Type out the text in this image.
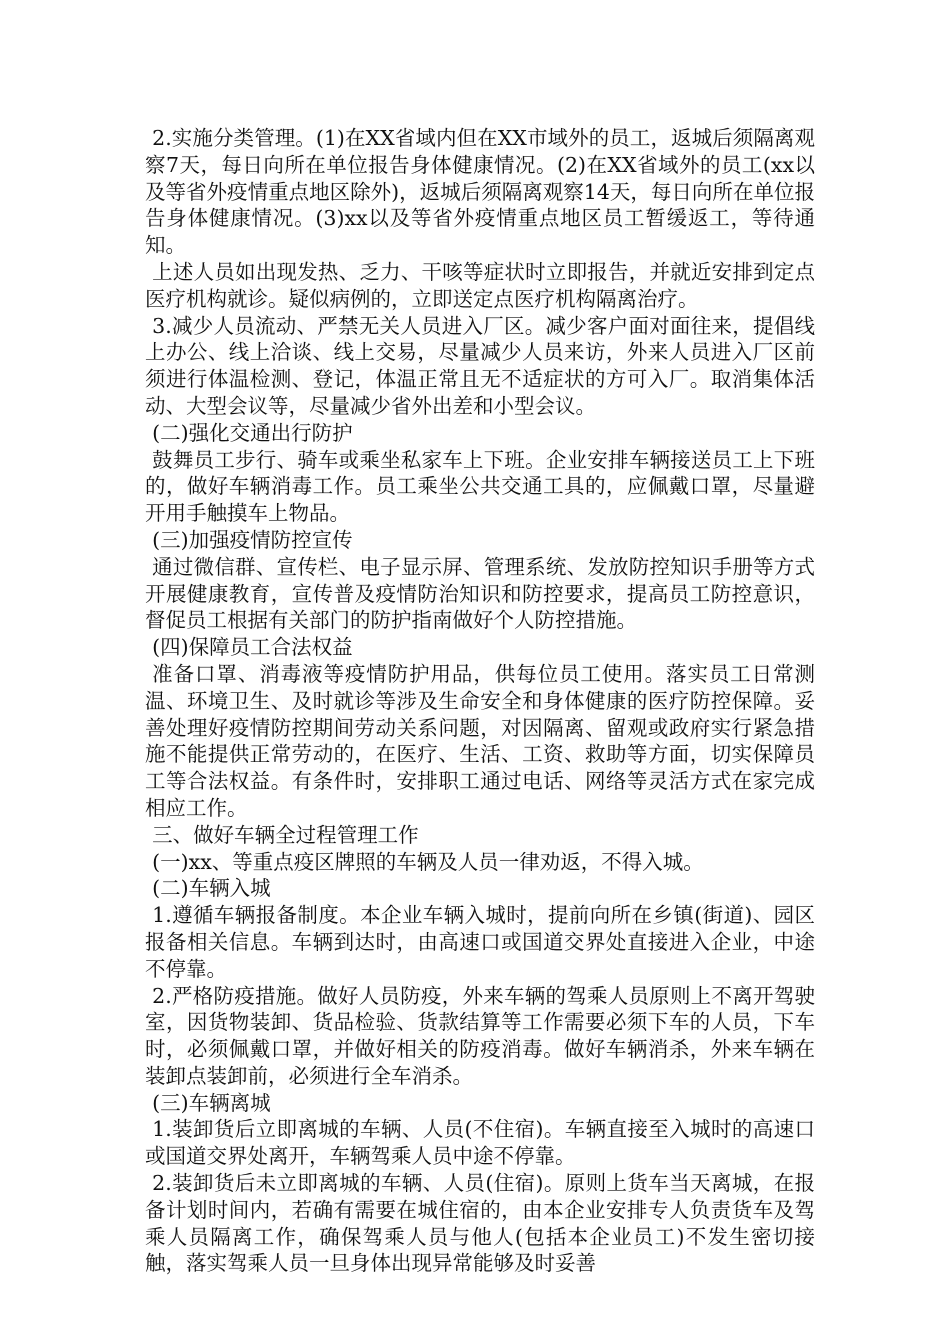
2.实施分类管理。(1)在XX省域内但在XX市域外的员工，返城后须隔离观察7天，每日向所在单位报告身体健康情况。(2)在XX省域外的员工(xx以及等省外疫情重点地区除外)，返城后须隔离观察14天，每日向所在单位报告身体健康情况。(3)xx以及等省外疫情重点地区员工暂缓返工，等待通知。

上述人员如出现发热、乏力、干咳等症状时立即报告，并就近安排到定点医疗机构就诊。疑似病例的，立即送定点医疗机构隔离治疗。

3.减少人员流动、严禁无关人员进入厂区。减少客户面对面往来，提倡线上办公、线上洽谈、线上交易，尽量减少人员来访，外来人员进入厂区前须进行体温检测、登记，体温正常且无不适症状的方可入厂。取消集体活动、大型会议等，尽量减少省外出差和小型会议。

(二)强化交通出行防护

鼓舞员工步行、骑车或乘坐私家车上下班。企业安排车辆接送员工上下班的，做好车辆消毒工作。员工乘坐公共交通工具的，应佩戴口罩，尽量避开用手触摸车上物品。

(三)加强疫情防控宣传

通过微信群、宣传栏、电子显示屏、管理系统、发放防控知识手册等方式开展健康教育，宣传普及疫情防治知识和防控要求，提高员工防控意识，督促员工根据有关部门的防护指南做好个人防控措施。

(四)保障员工合法权益

准备口罩、消毒液等疫情防护用品，供每位员工使用。落实员工日常测温、环境卫生、及时就诊等涉及生命安全和身体健康的医疗防控保障。妥善处理好疫情防控期间劳动关系问题，对因隔离、留观或政府实行紧急措施不能提供正常劳动的，在医疗、生活、工资、救助等方面，切实保障员工等合法权益。有条件时，安排职工通过电话、网络等灵活方式在家完成相应工作。

三、做好车辆全过程管理工作

(一)xx、等重点疫区牌照的车辆及人员一律劝返，不得入城。

(二)车辆入城

1.遵循车辆报备制度。本企业车辆入城时，提前向所在乡镇(街道)、园区报备相关信息。车辆到达时，由高速口或国道交界处直接进入企业，中途不停靠。

2.严格防疫措施。做好人员防疫，外来车辆的驾乘人员原则上不离开驾驶室，因货物装卸、货品检验、货款结算等工作需要必须下车的人员，下车时，必须佩戴口罩，并做好相关的防疫消毒。做好车辆消杀，外来车辆在装卸点装卸前，必须进行全车消杀。

(三)车辆离城

1.装卸货后立即离城的车辆、人员(不住宿)。车辆直接至入城时的高速口或国道交界处离开，车辆驾乘人员中途不停靠。

2.装卸货后未立即离城的车辆、人员(住宿)。原则上货车当天离城，在报备计划时间内，若确有需要在城住宿的，由本企业安排专人负责货车及驾乘人员隔离工作，确保驾乘人员与他人(包括本企业员工)不发生密切接触，落实驾乘人员一旦身体出现异常能够及时妥善
